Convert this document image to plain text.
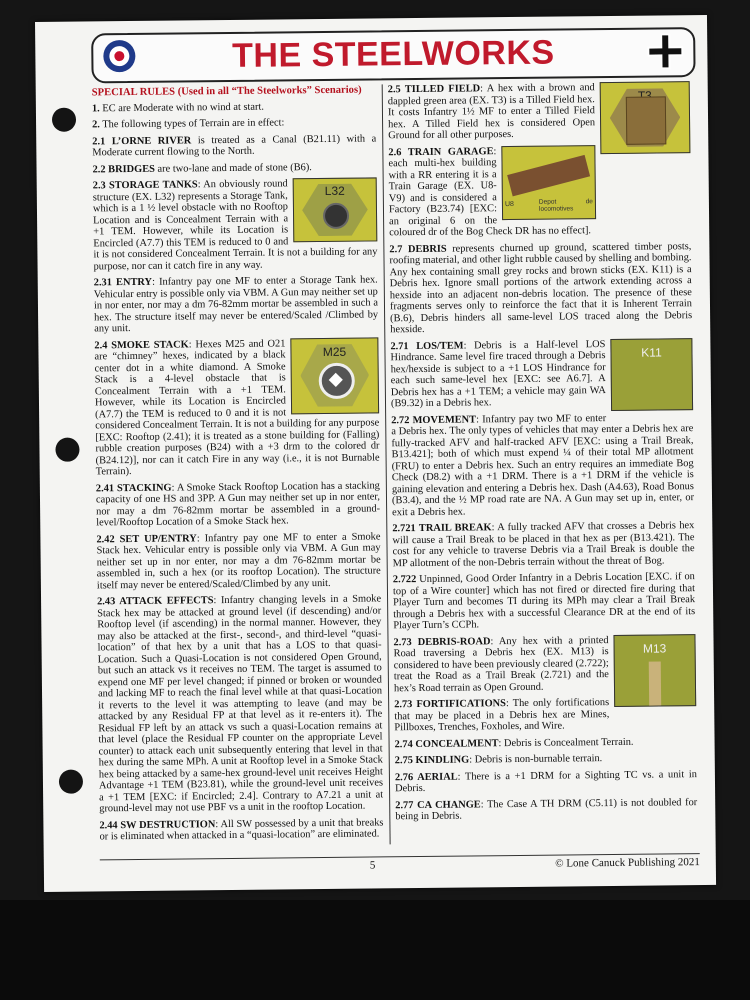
THE STEELWORKS
SPECIAL RULES (Used in all “The Steelworks” Scenarios)
1. EC are Moderate with no wind at start.
2. The following types of Terrain are in effect:
2.1 L’ORNE RIVER is treated as a Canal (B21.11) with a Moderate current flowing to the North.
2.2 BRIDGES are two-lane and made of stone (B6).
L32
2.3 STORAGE TANKS: An obviously round structure (EX. L32) represents a Storage Tank, which is a 1 ½ level obstacle with no Rooftop Location and is Concealment Terrain with a +1 TEM. However, while its Location is Encircled (A7.7) this TEM is reduced to 0 and it is not considered Concealment Terrain. It is not a building for any purpose, nor can it catch fire in any way.
2.31 ENTRY: Infantry pay one MF to enter a Storage Tank hex. Vehicular entry is possible only via VBM. A Gun may neither set up in nor enter, nor may a dm 76-82mm mortar be assembled in such a hex. The structure itself may never be entered/Scaled /Climbed by any unit.
M25
2.4 SMOKE STACK: Hexes M25 and O21 are “chimney” hexes, indicated by a black center dot in a white diamond. A Smoke Stack is a 4-level obstacle that is Concealment Terrain with a +1 TEM. However, while its Location is Encircled (A7.7) the TEM is reduced to 0 and it is not considered Concealment Terrain. It is not a building for any purpose [EXC: Rooftop (2.41); it is treated as a stone building for (Falling) rubble creation purposes (B24) with a +3 drm to the colored dr (B24.12)], nor can it catch Fire in any way (i.e., it is not Burnable Terrain).
2.41 STACKING: A Smoke Stack Rooftop Location has a stacking capacity of one HS and 3PP. A Gun may neither set up in nor enter, nor may a dm 76-82mm mortar be assembled in a ground-level/Rooftop Location of a Smoke Stack hex.
2.42 SET UP/ENTRY: Infantry pay one MF to enter a Smoke Stack hex. Vehicular entry is possible only via VBM. A Gun may neither set up in nor enter, nor may a dm 76-82mm mortar be assembled in, such a hex (or its rooftop Location). The structure itself may never be entered/Scaled/Climbed by any unit.
2.43 ATTACK EFFECTS: Infantry changing levels in a Smoke Stack hex may be attacked at ground level (if descending) and/or Rooftop level (if ascending) in the normal manner. However, they may also be attacked at the first-, second-, and third-level “quasi-location” of that hex by a unit that has a LOS to that quasi-Location. Such a Quasi-Location is not considered Open Ground, but such an attack vs it receives no TEM. The target is assumed to expend one MF per level changed; if pinned or broken or wounded and lacking MF to reach the final level while at that quasi-Location it reverts to the level it was attempting to leave (and may be attacked by any Residual FP at that level as it re-enters it). The Residual FP left by an attack vs such a quasi-Location remains at that level (place the Residual FP counter on the appropriate Level counter) to attack each unit subsequently entering that level in that hex during the same MPh. A unit at Rooftop level in a Smoke Stack hex being attacked by a same-hex ground-level unit receives Height Advantage +1 TEM (B23.81), while the ground-level unit receives a +1 TEM [EXC: if Encircled; 2.4]. Contrary to A7.21 a unit at ground-level may not use PBF vs a unit in the rooftop Location.
2.44 SW DESTRUCTION: All SW possessed by a unit that breaks or is eliminated when attacked in a “quasi-location” are eliminated.
2.5 TILLED FIELD: A hex with a brown and dappled green area (EX. T3) is a Tilled Field hex. It costs Infantry 1½ MF to enter a Tilled Field hex. A Tilled Field hex is considered Open Ground for all other purposes.
U8	Depot de locomotives
2.6 TRAIN GARAGE: each multi-hex building with a RR entering it is a Train Garage (EX. U8-V9) and is considered a Factory (B23.74) [EXC: an original 6 on the coloured dr of the Bog Check DR has no effect].
2.7 DEBRIS represents churned up ground, scattered timber posts, roofing material, and other light rubble caused by shelling and bombing. Any hex containing small grey rocks and brown sticks (EX. K11) is a Debris hex. Ignore small portions of the artwork extending across a hexside into an adjacent non-debris location. The presence of these fragments serves only to reinforce the fact that it is Inherent Terrain (B.6), Debris hinders all same-level LOS traced along the Debris hexside.
K11
2.71 LOS/TEM: Debris is a Half-level LOS Hindrance. Same level fire traced through a Debris hex/hexside is subject to a +1 LOS Hindrance for each such same-level hex [EXC: see A6.7]. A Debris hex has a +1 TEM; a vehicle may gain WA (B9.32) in a Debris hex.
2.72 MOVEMENT: Infantry pay two MF to enter a Debris hex. The only types of vehicles that may enter a Debris hex are fully-tracked AFV and half-tracked AFV [EXC: using a Trail Break, B13.421]; both of which must expend ¼ of their total MP allotment (FRU) to enter a Debris hex. Such an entry requires an immediate Bog Check (D8.2) with a +1 DRM. There is a +1 DRM if the vehicle is gaining elevation and entering a Debris hex. Dash (A4.63), Road Bonus (B3.4), and the ½ MP road rate are NA. A Gun may set up in, enter, or exit a Debris hex.
2.721 TRAIL BREAK: A fully tracked AFV that crosses a Debris hex will cause a Trail Break to be placed in that hex as per (B13.421). The cost for any vehicle to traverse Debris via a Trail Break is double the MP allotment of the non-Debris terrain without the threat of Bog.
2.722 Unpinned, Good Order Infantry in a Debris Location [EXC. if on top of a Wire counter] which has not fired or directed fire during that Player Turn and becomes TI during its MPh may clear a Trail Break through a Debris hex with a successful Clearance DR at the end of its Player Turn’s CCPh.
M13
2.73 DEBRIS-ROAD: Any hex with a printed Road traversing a Debris hex (EX. M13) is considered to have been previously cleared (2.722); treat the Road as a Trail Break (2.721) and the hex’s Road terrain as Open Ground.
2.73 FORTIFICATIONS: The only fortifications that may be placed in a Debris hex are Mines, Pillboxes, Trenches, Foxholes, and Wire.
2.74 CONCEALMENT: Debris is Concealment Terrain.
2.75 KINDLING: Debris is non-burnable terrain.
2.76 AERIAL: There is a +1 DRM for a Sighting TC vs. a unit in Debris.
2.77 CA CHANGE: The Case A TH DRM (C5.11) is not doubled for being in Debris.
5	© Lone Canuck Publishing 2021
